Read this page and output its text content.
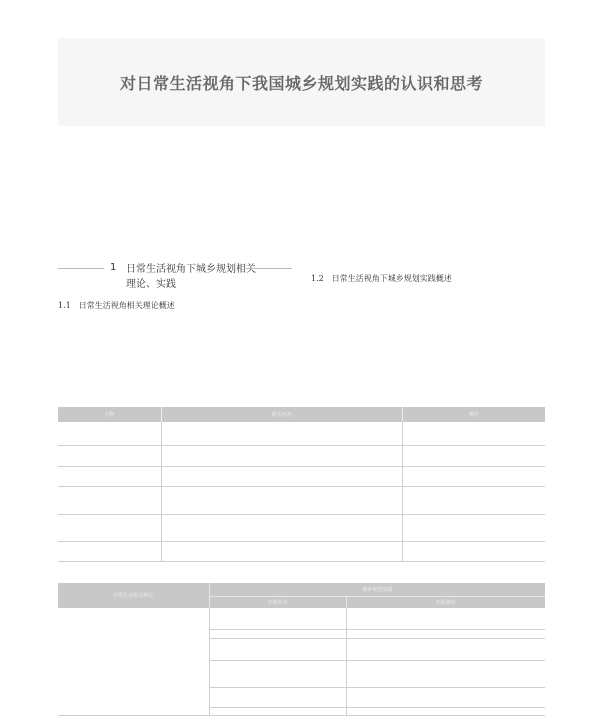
对日常生活视角下我国城乡规划实践的认识和思考
1 日常生活视角下城乡规划相关理论、实践
1.1 日常生活视角相关理论概述
1.2 日常生活视角下城乡规划实践概述
人物	相关内容	著作

日常生活相关理论	城乡规划实践	
	实践内容	实践路径
